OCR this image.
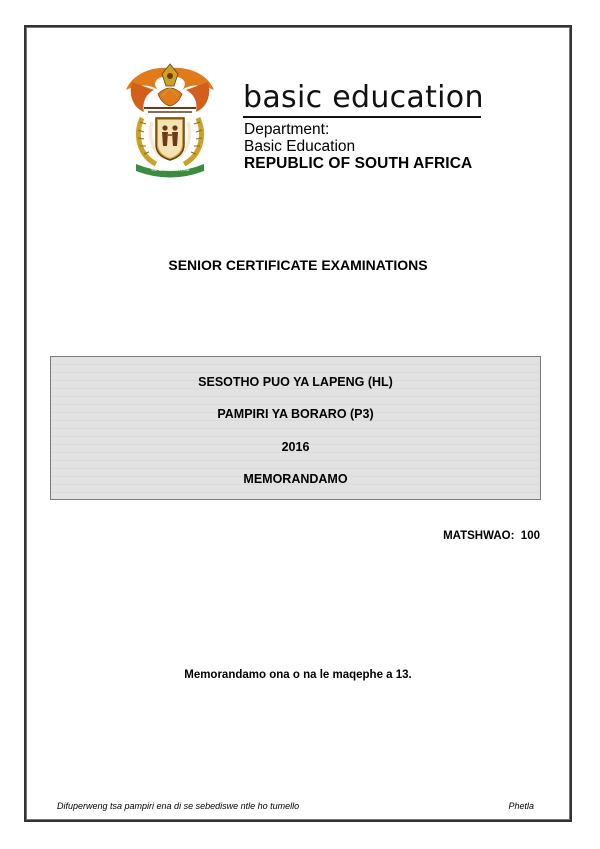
!KE E: /XARRA //KE
basic education
Department:
Basic Education
REPUBLIC OF SOUTH AFRICA
SENIOR CERTIFICATE EXAMINATIONS
SESOTHO PUO YA LAPENG (HL)
PAMPIRI YA BORARO (P3)
2016
MEMORANDAMO
MATSHWAO:  100
Memorandamo ona o na le maqephe a 13.
Difuperweng tsa pampiri ena di se sebediswe ntle ho tumello	Phetla
